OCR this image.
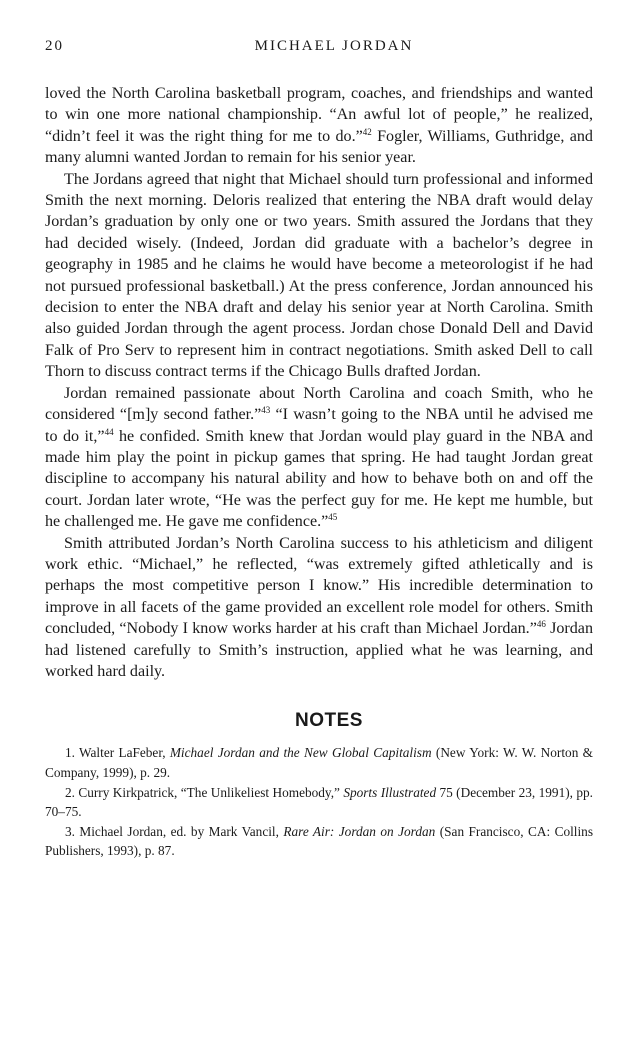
20	MICHAEL JORDAN

loved the North Carolina basketball program, coaches, and friendships and wanted to win one more national championship. “An awful lot of people,” he realized, “didn’t feel it was the right thing for me to do.”$^{42}$ Fogler, Williams, Guthridge, and many alumni wanted Jordan to remain for his senior year.

The Jordans agreed that night that Michael should turn professional and informed Smith the next morning. Deloris realized that entering the NBA draft would delay Jordan’s graduation by only one or two years. Smith assured the Jordans that they had decided wisely. (Indeed, Jordan did graduate with a bachelor’s degree in geography in 1985 and he claims he would have become a meteorologist if he had not pursued professional basketball.) At the press conference, Jordan announced his decision to enter the NBA draft and delay his senior year at North Carolina. Smith also guided Jordan through the agent process. Jordan chose Donald Dell and David Falk of Pro Serv to represent him in contract negotiations. Smith asked Dell to call Thorn to discuss contract terms if the Chicago Bulls drafted Jordan.

Jordan remained passionate about North Carolina and coach Smith, who he considered “[m]y second father.”$^{43}$ “I wasn’t going to the NBA until he advised me to do it,”$^{44}$ he confided. Smith knew that Jordan would play guard in the NBA and made him play the point in pickup games that spring. He had taught Jordan great discipline to accompany his natural ability and how to behave both on and off the court. Jordan later wrote, “He was the perfect guy for me. He kept me humble, but he challenged me. He gave me confidence.”$^{45}$

Smith attributed Jordan’s North Carolina success to his athleticism and diligent work ethic. “Michael,” he reflected, “was extremely gifted athletically and is perhaps the most competitive person I know.” His incredible determination to improve in all facets of the game provided an excellent role model for others. Smith concluded, “Nobody I know works harder at his craft than Michael Jordan.”$^{46}$ Jordan had listened carefully to Smith’s instruction, applied what he was learning, and worked hard daily.

NOTES
1. Walter LaFeber, Michael Jordan and the New Global Capitalism (New York: W. W. Norton & Company, 1999), p. 29.
2. Curry Kirkpatrick, “The Unlikeliest Homebody,” Sports Illustrated 75 (December 23, 1991), pp. 70–75.
3. Michael Jordan, ed. by Mark Vancil, Rare Air: Jordan on Jordan (San Francisco, CA: Collins Publishers, 1993), p. 87.
